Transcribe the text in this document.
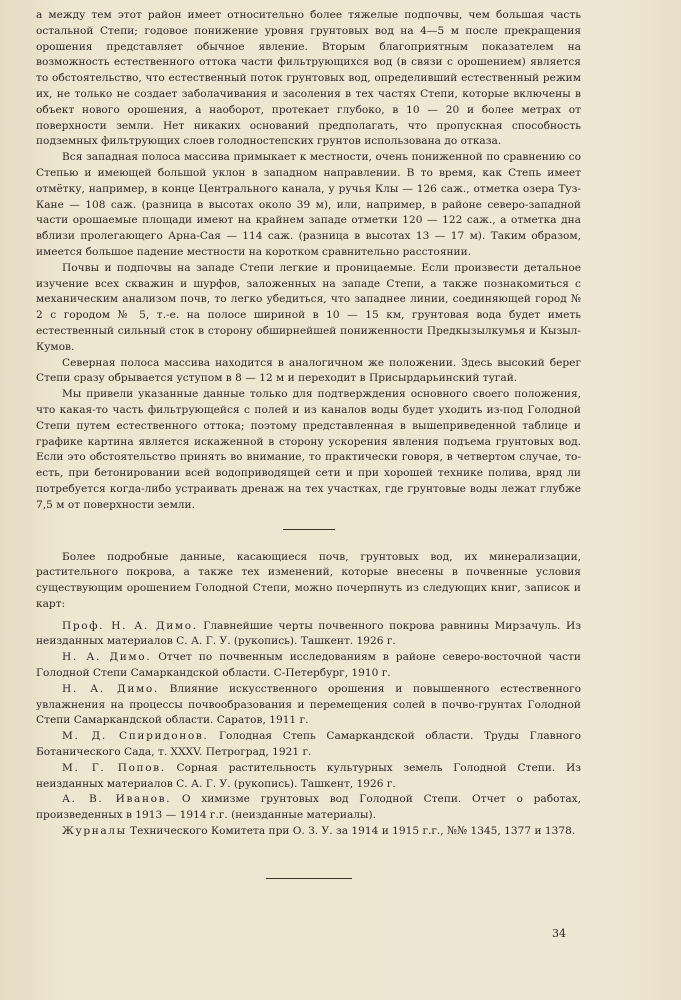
а между тем этот район имеет относительно более тяжелые подпочвы, чем большая часть остальной Степи; годовое понижение уровня грунтовых вод на 4—5 м после прекращения орошения представляет обычное явление. Вторым благоприятным показателем на возможность естественного оттока части фильтрующихся вод (в связи с орошением) является то обстоятельство, что естественный поток грунтовых вод, определивший естественный режим их, не только не создает заболачивания и засоления в тех частях Степи, которые включены в объект нового орошения, а наоборот, протекает глубоко, в 10 — 20 и более метрах от поверхности земли. Нет никаких оснований предполагать, что пропускная способность подземных фильтрующих слоев голодностепских грунтов использована до отказа.

Вся западная полоса массива примыкает к местности, очень пониженной по сравнению со Степью и имеющей большой уклон в западном направлении. В то время, как Степь имеет отмётку, например, в конце Центрального канала, у ручья Клы — 126 саж., отметка озера Туз-Кане — 108 саж. (разница в высотах около 39 м), или, например, в районе северо-западной части орошаемые площади имеют на крайнем западе отметки 120 — 122 саж., а отметка дна вблизи пролегающего Арна-Сая — 114 саж. (разница в высотах 13 — 17 м). Таким образом, имеется большое падение местности на коротком сравнительно расстоянии.

Почвы и подпочвы на западе Степи легкие и проницаемые. Если произвести детальное изучение всех скважин и шурфов, заложенных на западе Степи, а также познакомиться с механическим анализом почв, то легко убедиться, что западнее линии, соединяющей город № 2 с городом № 5, т.-е. на полосе шириной в 10 — 15 км, грунтовая вода будет иметь естественный сильный сток в сторону обширнейшей пониженности Предкызылкумья и Кызыл-Кумов.

Северная полоса массива находится в аналогичном же положении. Здесь высокий берег Степи сразу обрывается уступом в 8 — 12 м и переходит в Присырдарьинский тугай.

Мы привели указанные данные только для подтверждения основного своего положения, что какая-то часть фильтрующейся с полей и из каналов воды будет уходить из-под Голодной Степи путем естественного оттока; поэтому представленная в вышеприведенной таблице и графике картина является искаженной в сторону ускорения явления подъема грунтовых вод. Если это обстоятельство принять во внимание, то практически говоря, в четвертом случае, то-есть, при бетонировании всей водоприводящей сети и при хорошей технике полива, вряд ли потребуется когда-либо устраивать дренаж на тех участках, где грунтовые воды лежат глубже 7,5 м от поверхности земли.

Более подробные данные, касающиеся почв, грунтовых вод, их минерализации, растительного покрова, а также тех изменений, которые внесены в почвенные условия существующим орошением Голодной Степи, можно почерпнуть из следующих книг, записок и карт:

Проф. Н. А. Димо. Главнейшие черты почвенного покрова равнины Мирзачуль. Из неизданных материалов С. А. Г. У. (рукопись). Ташкент. 1926 г.

Н. А. Димо. Отчет по почвенным исследованиям в районе северо-восточной части Голодной Степи Самаркандской области. С-Петербург, 1910 г.

Н. А. Димо. Влияние искусственного орошения и повышенного естественного увлажнения на процессы почвообразования и перемещения солей в почво-грунтах Голодной Степи Самаркандской области. Саратов, 1911 г.

М. Д. Спиридонов. Голодная Степь Самаркандской области. Труды Главного Ботанического Сада, т. XXXV. Петроград, 1921 г.

М. Г. Попов. Сорная растительность культурных земель Голодной Степи. Из неизданных материалов С. А. Г. У. (рукопись). Ташкент, 1926 г.

А. В. Иванов. О химизме грунтовых вод Голодной Степи. Отчет о работах, произведенных в 1913 — 1914 г.г. (неизданные материалы).

Журналы Технического Комитета при О. З. У. за 1914 и 1915 г.г., №№ 1345, 1377 и 1378.

34
